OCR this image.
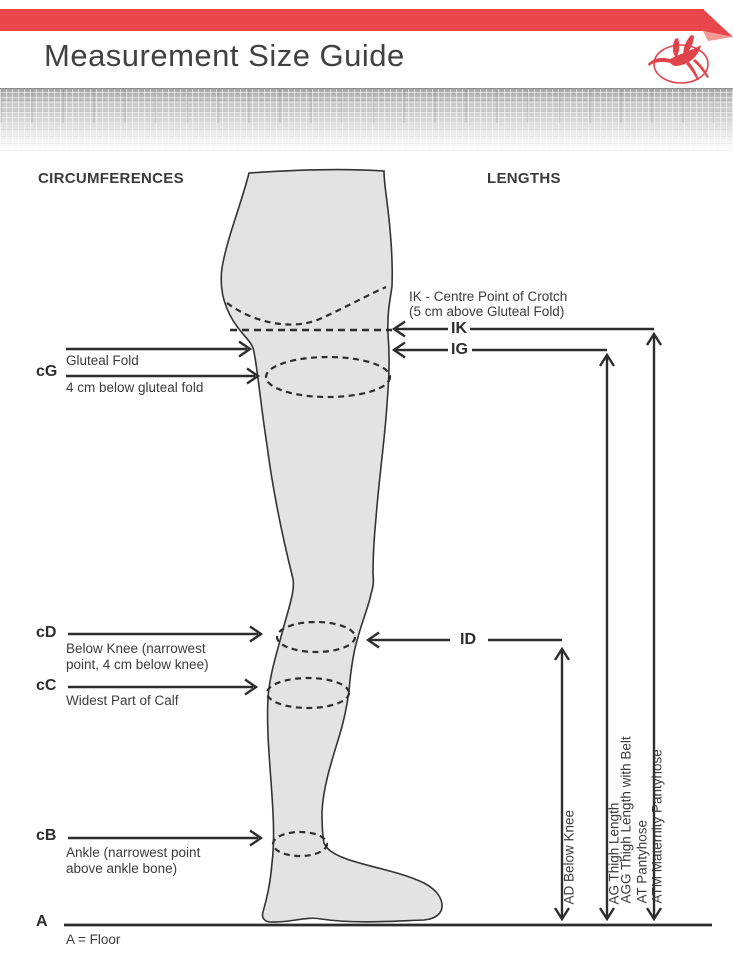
Measurement Size Guide
CIRCUMFERENCES	LENGTHS
cG
Gluteal Fold
4 cm below gluteal fold
cD
Below Knee (narrowest point, 4 cm below knee)
cC
Widest Part of Calf
cB
Ankle (narrowest point above ankle bone)
A
A = Floor
IK - Centre Point of Crotch
(5 cm above Gluteal Fold)
IK
IG
ID
AD Below Knee AG Thigh Length
AGG Thigh Length with Belt AT Pantyhose ATM Maternity Pantyhose
